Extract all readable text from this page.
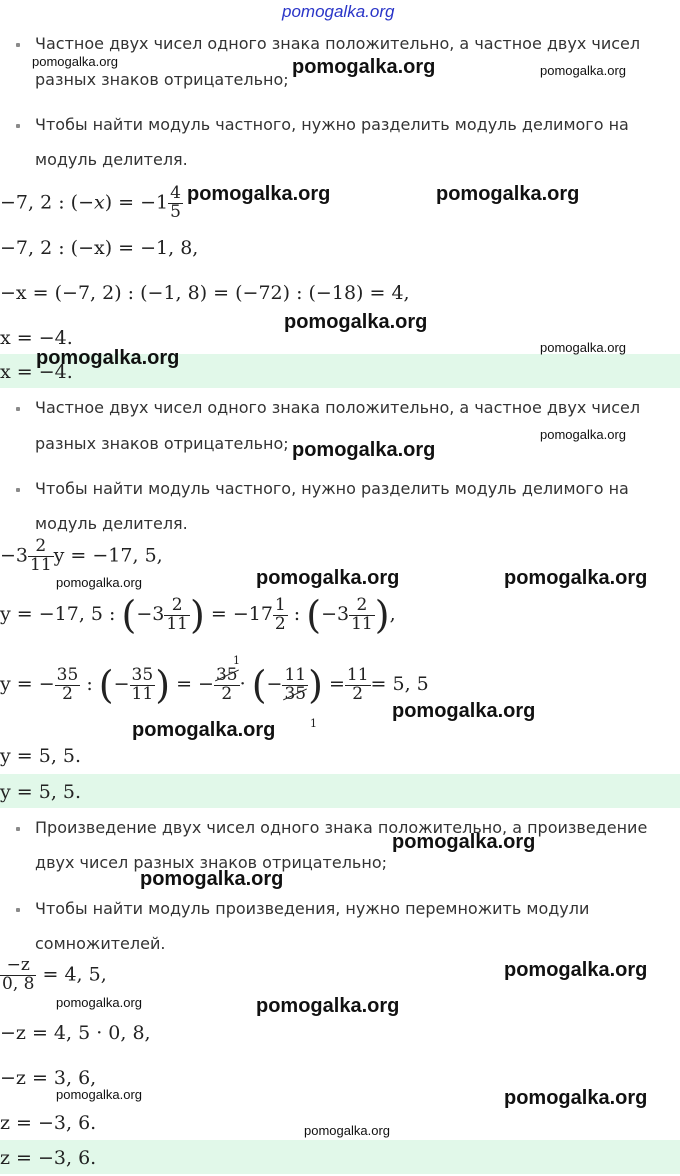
pomogalka.org
Частное двух чисел одного знака положительно, а частное двух чисел
разных знаков отрицательно;
Чтобы найти модуль частного, нужно разделить модуль делимого на
модуль делителя.
−7, 2 : $(-x) = -1 \frac{4}{5}$
−7, 2 : (−x) = −1, 8,
−x = (−7, 2) : (−1, 8) = (−72) : (−18) = 4,
x = −4.
x = −4.
Частное двух чисел одного знака положительно, а частное двух чисел
разных знаков отрицательно;
Чтобы найти модуль частного, нужно разделить модуль делимого на
модуль делителя.
$-3 \frac{2}{11}$ y = −17, 5,
y = −17, 5 : ($-3 \frac{2}{11}$ ) = $-17 \frac{1}{2}$ : ($-3 \frac{2}{11}$ ),
y = − $\frac{35}{2}$ : (− $\frac{35}{11}$ ) = − $\frac{35}{2}$ · (− $\frac{11}{35}$ ) = $\frac{11}{2} = 5$, 5
1
1
y = 5, 5.
y = 5, 5.
Произведение двух чисел одного знака положительно, а произведение
двух чисел разных знаков отрицательно;
Чтобы найти модуль произведения, нужно перемножить модули
сомножителей.
$\frac{-z}{0, 8} = 4$, 5,
−z = 4, 5 · 0, 8,
−z = 3, 6,
z = −3, 6.
z = −3, 6.
pomogalka.org	pomogalka.org	pomogalka.org
pomogalka.org	pomogalka.org
pomogalka.org
pomogalka.org
pomogalka.org
pomogalka.org
pomogalka.org
pomogalka.org	pomogalka.org	pomogalka.org
pomogalka.org
pomogalka.org
pomogalka.org
pomogalka.org
pomogalka.org
pomogalka.org	pomogalka.org
pomogalka.org	pomogalka.org
pomogalka.org
